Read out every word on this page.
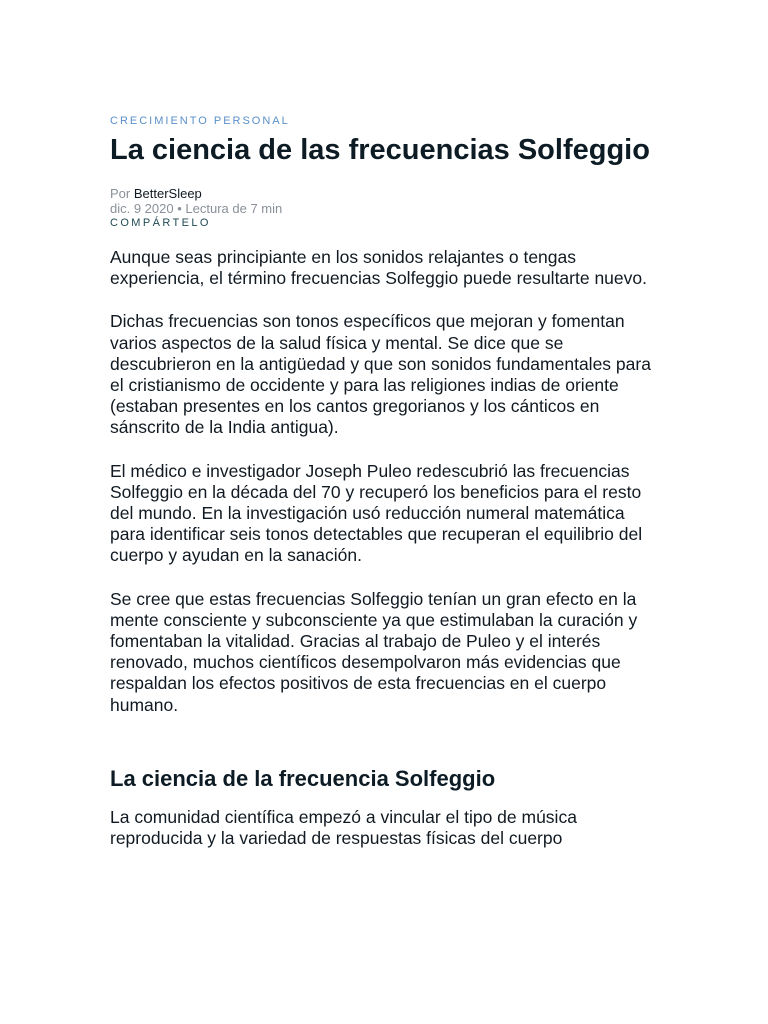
CRECIMIENTO PERSONAL
La ciencia de las frecuencias Solfeggio
Por BetterSleep
dic. 9 2020 • Lectura de 7 min
COMPÁRTELO

Aunque seas principiante en los sonidos relajantes o tengas experiencia, el término frecuencias Solfeggio puede resultarte nuevo.

Dichas frecuencias son tonos específicos que mejoran y fomentan varios aspectos de la salud física y mental. Se dice que se descubrieron en la antigüedad y que son sonidos fundamentales para el cristianismo de occidente y para las religiones indias de oriente (estaban presentes en los cantos gregorianos y los cánticos en sánscrito de la India antigua).

El médico e investigador Joseph Puleo redescubrió las frecuencias Solfeggio en la década del 70 y recuperó los beneficios para el resto del mundo. En la investigación usó reducción numeral matemática para identificar seis tonos detectables que recuperan el equilibrio del cuerpo y ayudan en la sanación.

Se cree que estas frecuencias Solfeggio tenían un gran efecto en la mente consciente y subconsciente ya que estimulaban la curación y fomentaban la vitalidad. Gracias al trabajo de Puleo y el interés renovado, muchos científicos desempolvaron más evidencias que respaldan los efectos positivos de esta frecuencias en el cuerpo humano.

La ciencia de la frecuencia Solfeggio

La comunidad científica empezó a vincular el tipo de música reproducida y la variedad de respuestas físicas del cuerpo
